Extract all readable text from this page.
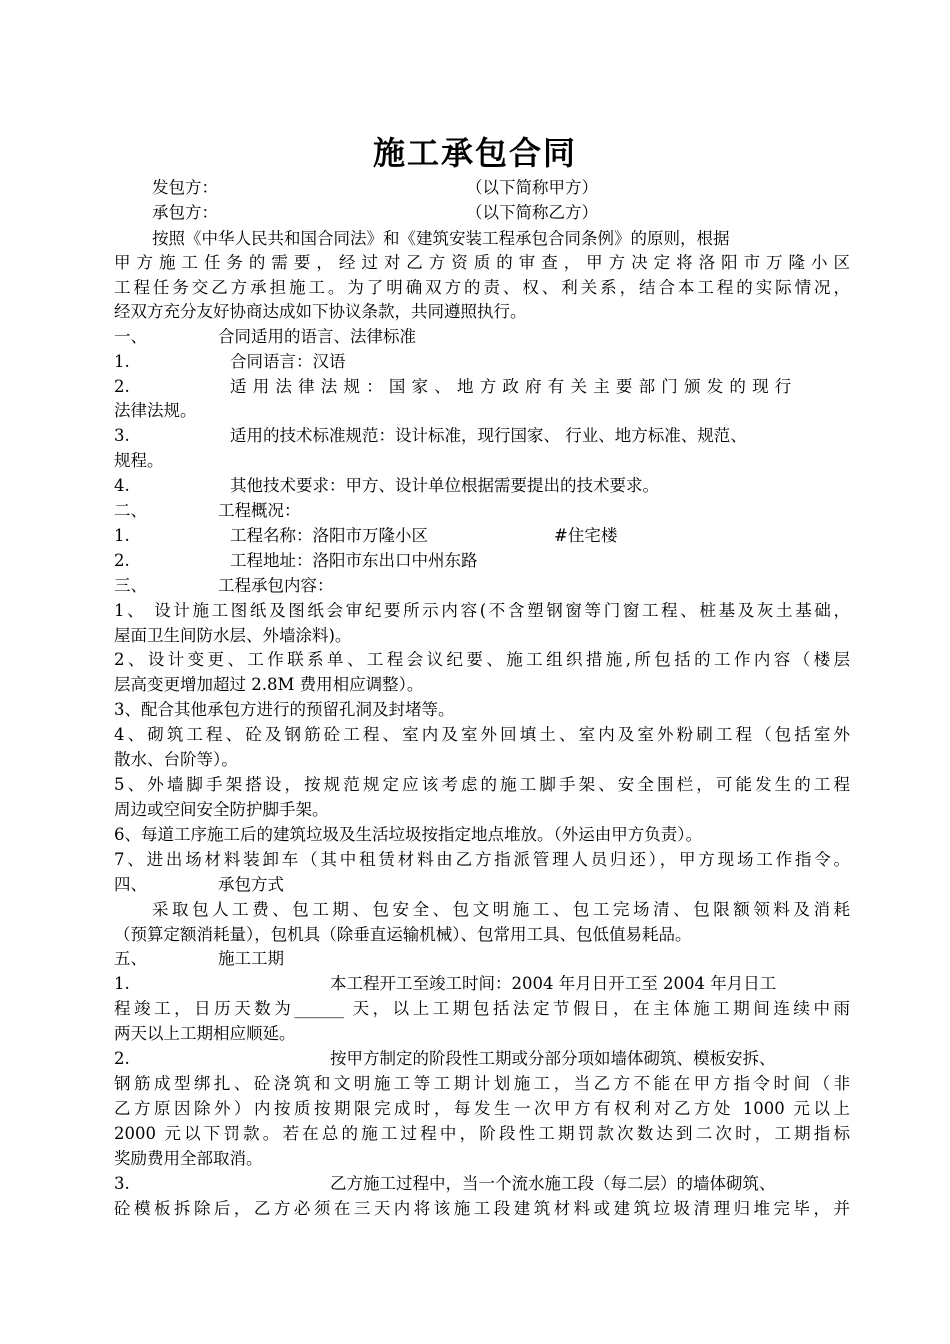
施工承包合同
发包方：	（以下简称甲方）
承包方：	（以下简称乙方）
按照《中华人民共和国合同法》和《建筑安装工程承包合同条例》的原则，根据
甲方施工任务的需要，经过对乙方资质的审查，甲方决定将洛阳市万隆小区
工程任务交乙方承担施工。为了明确双方的责、权、利关系，结合本工程的实际情况，
经双方充分友好协商达成如下协议条款，共同遵照执行。
一、	合同适用的语言、法律标准
1.	合同语言：汉语
2.	适用法律法规：国家、地方政府有关主要部门颁发的现行
法律法规。
3.	适用的技术标准规范：设计标准，现行国家、 行业、地方标准、规范、
规程。
4.	其他技术要求：甲方、设计单位根据需要提出的技术要求。
二、	工程概况：
1.	工程名称：洛阳市万隆小区	#住宅楼
2.	工程地址：洛阳市东出口中州东路
三、	工程承包内容：
1、 设计施工图纸及图纸会审纪要所示内容(不含塑钢窗等门窗工程、桩基及灰土基础，
屋面卫生间防水层、外墙涂料)。
2、设计变更、工作联系单、工程会议纪要、施工组织措施,所包括的工作内容（楼层
层高变更增加超过 2.8M 费用相应调整）。
3、配合其他承包方进行的预留孔洞及封堵等。
4、砌筑工程、砼及钢筋砼工程、室内及室外回填土、室内及室外粉刷工程（包括室外
散水、台阶等）。
5、外墙脚手架搭设，按规范规定应该考虑的施工脚手架、安全围栏，可能发生的工程
周边或空间安全防护脚手架。
6、每道工序施工后的建筑垃圾及生活垃圾按指定地点堆放。（外运由甲方负责）。
7、进出场材料装卸车（其中租赁材料由乙方指派管理人员归还），甲方现场工作指令。
四、	承包方式
采取包人工费、包工期、包安全、包文明施工、包工完场清、包限额领料及消耗
（预算定额消耗量），包机具（除垂直运输机械）、包常用工具、包低值易耗品。
五、	施工工期
1.	本工程开工至竣工时间：2004 年月日开工至 2004 年月日工
程竣工，日历天数为______ 天，以上工期包括法定节假日，在主体施工期间连续中雨
两天以上工期相应顺延。
2.	按甲方制定的阶段性工期或分部分项如墙体砌筑、模板安拆、
钢筋成型绑扎、砼浇筑和文明施工等工期计划施工，当乙方不能在甲方指令时间（非
乙方原因除外）内按质按期限完成时，每发生一次甲方有权利对乙方处 1000 元以上
2000 元以下罚款。若在总的施工过程中，阶段性工期罚款次数达到二次时，工期指标
奖励费用全部取消。
3.	乙方施工过程中，当一个流水施工段（每二层）的墙体砌筑、
砼模板拆除后，乙方必须在三天内将该施工段建筑材料或建筑垃圾清理归堆完毕，并
